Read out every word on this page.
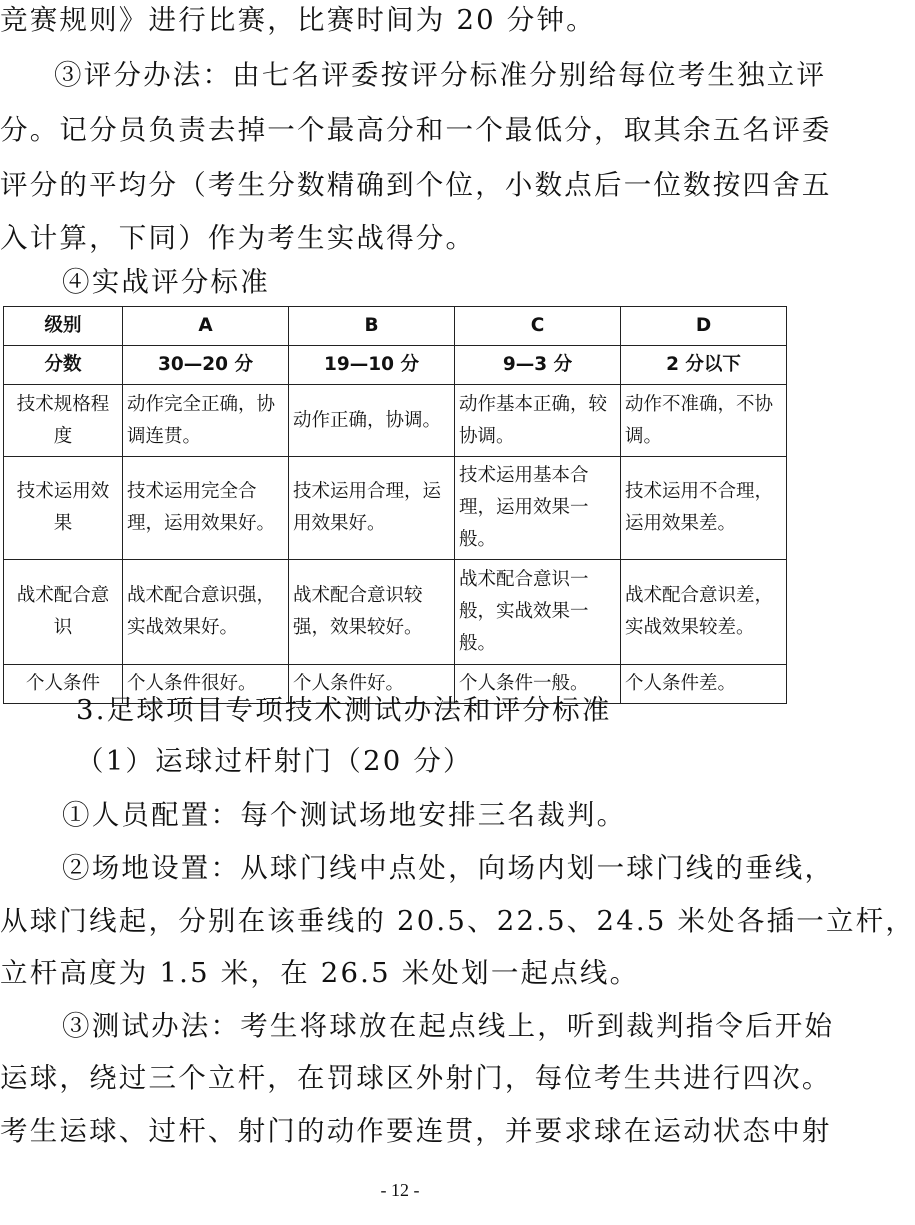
竞赛规则》进行比赛，比赛时间为 20 分钟。
③评分办法：由七名评委按评分标准分别给每位考生独立评
分。记分员负责去掉一个最高分和一个最低分，取其余五名评委
评分的平均分（考生分数精确到个位，小数点后一位数按四舍五
入计算，下同）作为考生实战得分。
④实战评分标准
级别	A	B	C	D
分数	30—20 分	19—10 分	9—3 分	2 分以下
技术规格程度	动作完全正确，协调连贯。	动作正确，协调。	动作基本正确，较协调。	动作不准确，不协调。
技术运用效果	技术运用完全合理，运用效果好。	技术运用合理，运用效果好。	技术运用基本合理，运用效果一般。	技术运用不合理，运用效果差。
战术配合意识	战术配合意识强，实战效果好。	战术配合意识较强，效果较好。	战术配合意识一般，实战效果一般。	战术配合意识差，实战效果较差。
个人条件	个人条件很好。	个人条件好。	个人条件一般。	个人条件差。
3.足球项目专项技术测试办法和评分标准
（1）运球过杆射门（20 分）
①人员配置：每个测试场地安排三名裁判。
②场地设置：从球门线中点处，向场内划一球门线的垂线，
从球门线起，分别在该垂线的 20.5、22.5、24.5 米处各插一立杆，
立杆高度为 1.5 米，在 26.5 米处划一起点线。
③测试办法：考生将球放在起点线上，听到裁判指令后开始
运球，绕过三个立杆，在罚球区外射门，每位考生共进行四次。
考生运球、过杆、射门的动作要连贯，并要求球在运动状态中射
- 12 -
